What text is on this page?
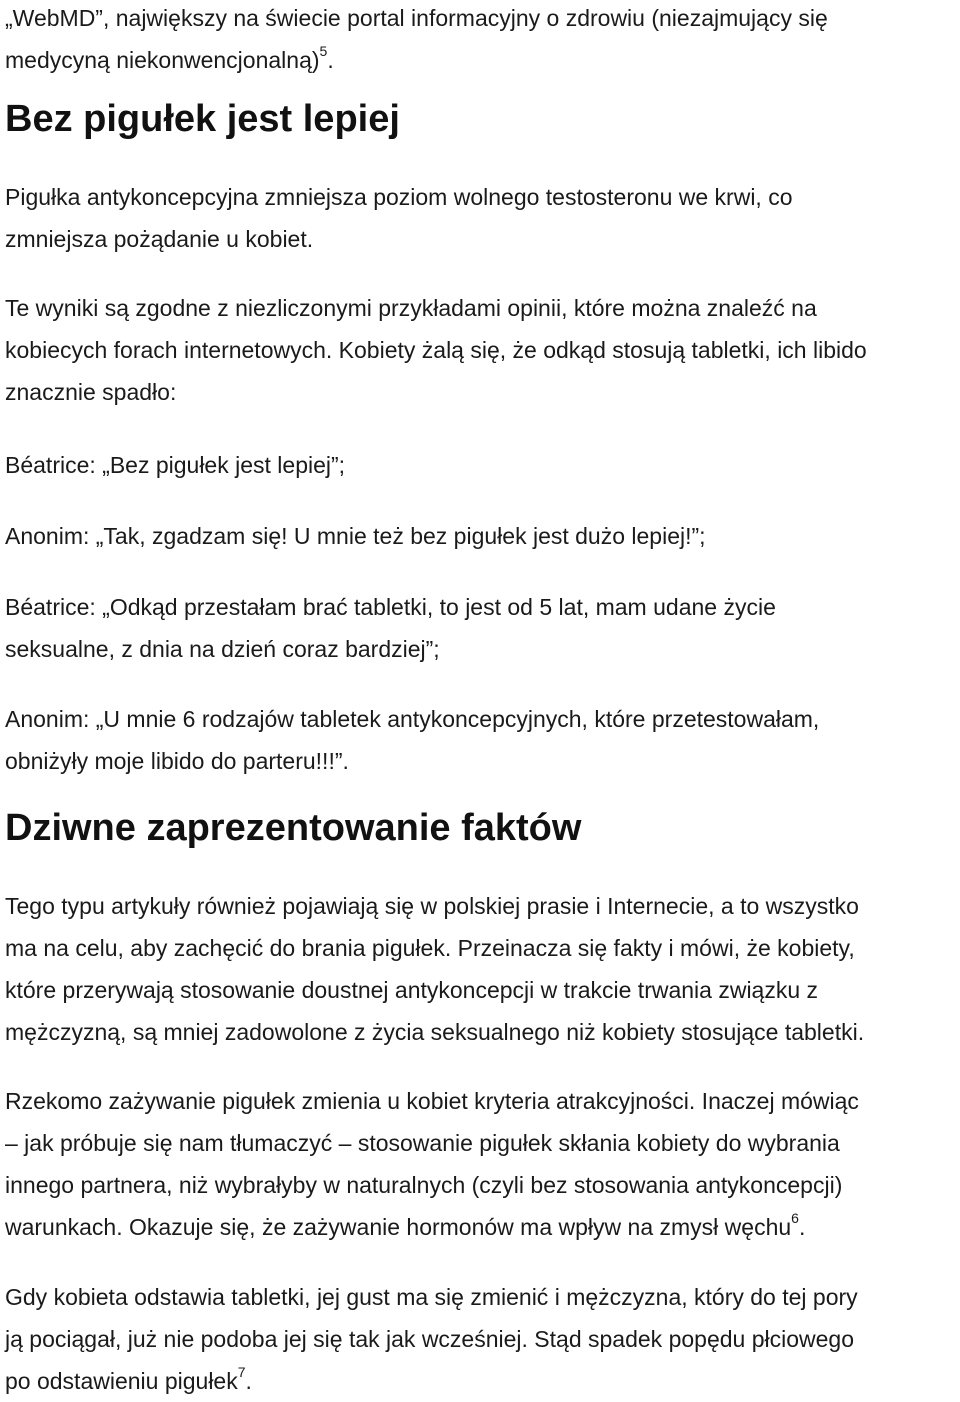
„WebMD”, największy na świecie portal informacyjny o zdrowiu (niezajmujący się

medycyną niekonwencjonalną)$^5$.

Bez pigułek jest lepiej

Pigułka antykoncepcyjna zmniejsza poziom wolnego testosteronu we krwi, co

zmniejsza pożądanie u kobiet.

Te wyniki są zgodne z niezliczonymi przykładami opinii, które można znaleźć na

kobiecych forach internetowych. Kobiety żalą się, że odkąd stosują tabletki, ich libido

znacznie spadło:

Béatrice: „Bez pigułek jest lepiej”;

Anonim: „Tak, zgadzam się! U mnie też bez pigułek jest dużo lepiej!”;

Béatrice: „Odkąd przestałam brać tabletki, to jest od 5 lat, mam udane życie

seksualne, z dnia na dzień coraz bardziej”;

Anonim: „U mnie 6 rodzajów tabletek antykoncepcyjnych, które przetestowałam,

obniżyły moje libido do parteru!!!”.

Dziwne zaprezentowanie faktów

Tego typu artykuły również pojawiają się w polskiej prasie i Internecie, a to wszystko

ma na celu, aby zachęcić do brania pigułek. Przeinacza się fakty i mówi, że kobiety,

które przerywają stosowanie doustnej antykoncepcji w trakcie trwania związku z

mężczyzną, są mniej zadowolone z życia seksualnego niż kobiety stosujące tabletki.

Rzekomo zażywanie pigułek zmienia u kobiet kryteria atrakcyjności. Inaczej mówiąc

– jak próbuje się nam tłumaczyć – stosowanie pigułek skłania kobiety do wybrania

innego partnera, niż wybrałyby w naturalnych (czyli bez stosowania antykoncepcji)

warunkach. Okazuje się, że zażywanie hormonów ma wpływ na zmysł węchu$^6$.

Gdy kobieta odstawia tabletki, jej gust ma się zmienić i mężczyzna, który do tej pory

ją pociągał, już nie podoba jej się tak jak wcześniej. Stąd spadek popędu płciowego

po odstawieniu pigułek$^7$.
